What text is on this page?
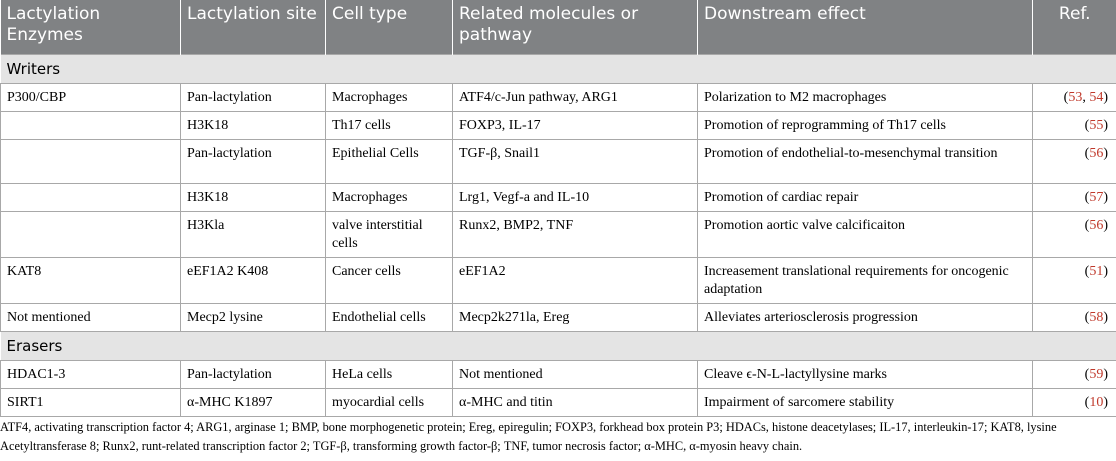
Lactylation Enzymes	Lactylation site	Cell type	Related molecules or pathway	Downstream effect	Ref.
Writers					
P300/CBP	Pan-lactylation	Macrophages	ATF4/c-Jun pathway, ARG1	Polarization to M2 macrophages	(53, 54)
	H3K18	Th17 cells	FOXP3, IL-17	Promotion of reprogramming of Th17 cells	(55)
	Pan-lactylation	Epithelial Cells	TGF-β, Snail1	Promotion of endothelial-to-mesenchymal transition	(56)
	H3K18	Macrophages	Lrg1, Vegf-a and IL-10	Promotion of cardiac repair	(57)
	H3Kla	valve interstitial cells	Runx2, BMP2, TNF	Promotion aortic valve calcificaiton	(56)
KAT8	eEF1A2 K408	Cancer cells	eEF1A2	Increasement translational requirements for oncogenic adaptation	(51)
Not mentioned	Mecp2 lysine	Endothelial cells	Mecp2k271la, Ereg	Alleviates arteriosclerosis progression	(58)
Erasers					
HDAC1-3	Pan-lactylation	HeLa cells	Not mentioned	Cleave ϵ-N-L-lactyllysine marks	(59)
SIRT1	α-MHC K1897	myocardial cells	α-MHC and titin	Impairment of sarcomere stability	(10)
ATF4, activating transcription factor 4; ARG1, arginase 1; BMP, bone morphogenetic protein; Ereg, epiregulin; FOXP3, forkhead box protein P3; HDACs, histone deacetylases; IL-17, interleukin-17; KAT8, lysine Acetyltransferase 8; Runx2, runt-related transcription factor 2; TGF-β, transforming growth factor-β; TNF, tumor necrosis factor; α-MHC, α-myosin heavy chain.
